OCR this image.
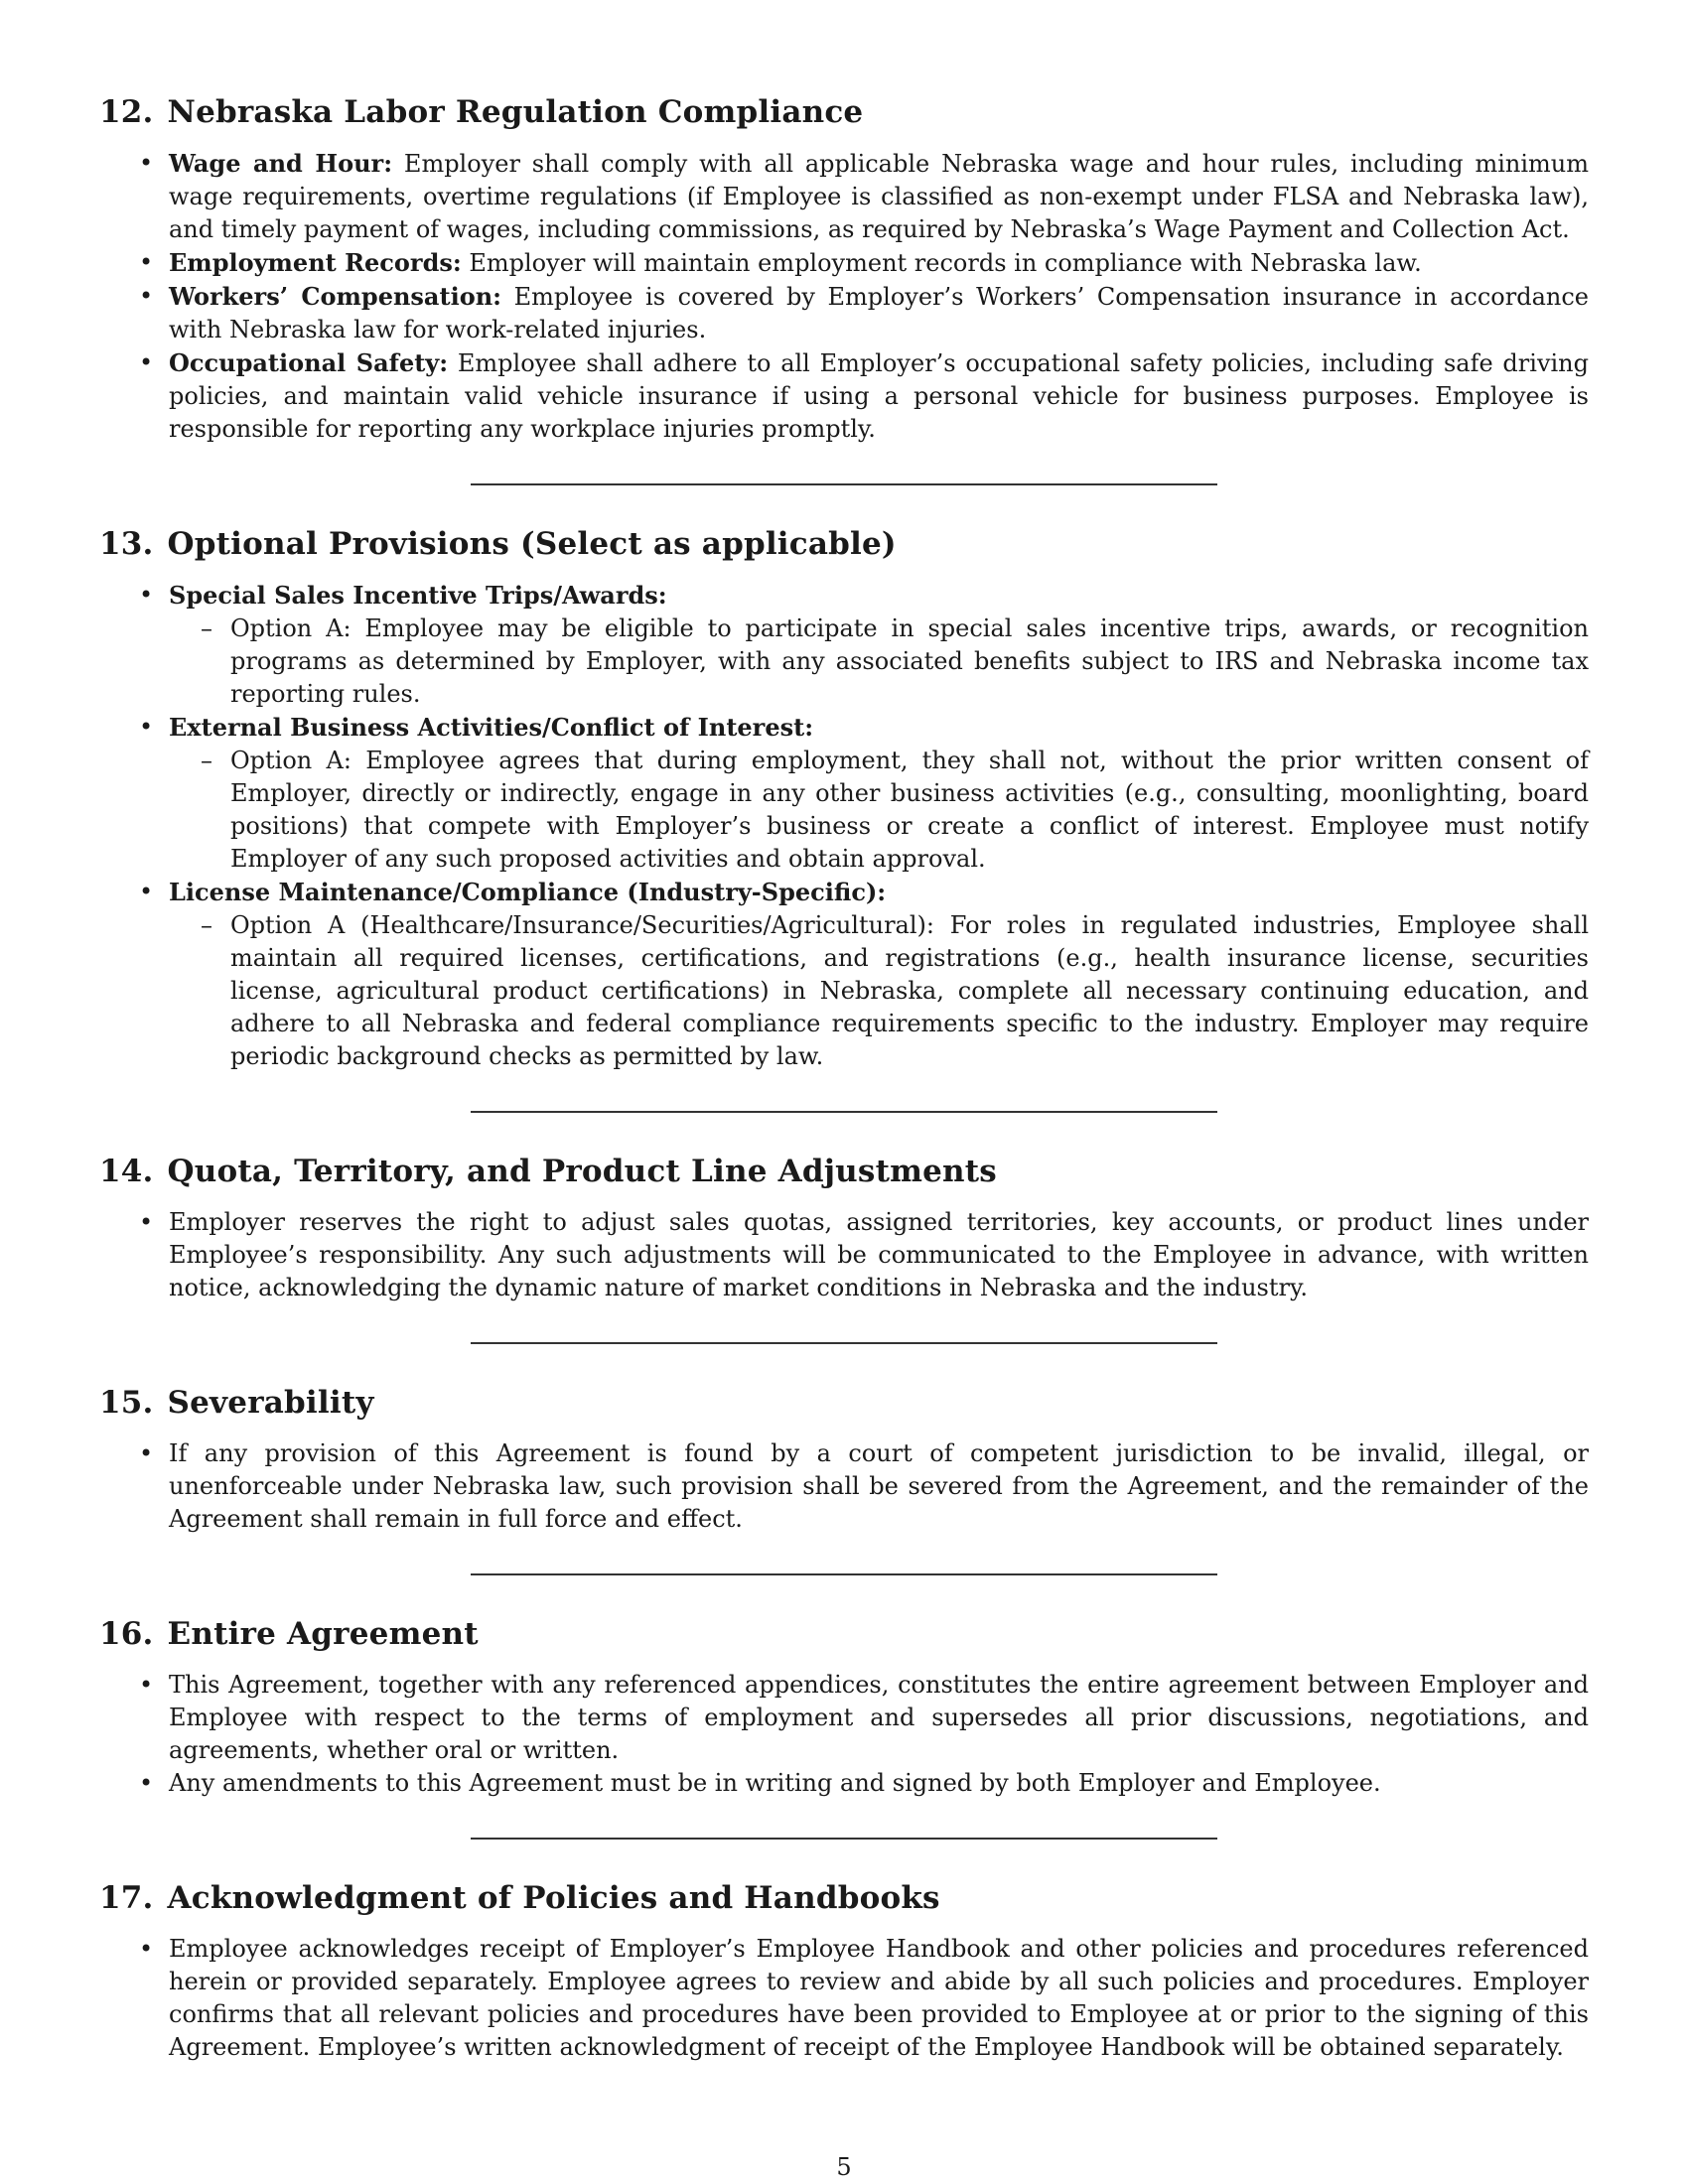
12. Nebraska Labor Regulation Compliance
• Wage and Hour: Employer shall comply with all applicable Nebraska wage and hour rules, including minimum wage requirements, overtime regulations (if Employee is classified as non-exempt under FLSA and Nebraska law), and timely payment of wages, including commissions, as required by Nebraska’s Wage Payment and Collection Act.
• Employment Records: Employer will maintain employment records in compliance with Nebraska law.
• Workers’ Compensation: Employee is covered by Employer’s Workers’ Compensation insurance in accordance with Nebraska law for work-related injuries.
• Occupational Safety: Employee shall adhere to all Employer’s occupational safety policies, including safe driving policies, and maintain valid vehicle insurance if using a personal vehicle for business purposes. Employee is responsible for reporting any workplace injuries promptly.
13. Optional Provisions (Select as applicable)
• Special Sales Incentive Trips/Awards:
– Option A: Employee may be eligible to participate in special sales incentive trips, awards, or recognition programs as determined by Employer, with any associated benefits subject to IRS and Nebraska income tax reporting rules.
• External Business Activities/Conflict of Interest:
– Option A: Employee agrees that during employment, they shall not, without the prior written consent of Employer, directly or indirectly, engage in any other business activities (e.g., consulting, moonlighting, board positions) that compete with Employer’s business or create a conflict of interest. Employee must notify Employer of any such proposed activities and obtain approval.
• License Maintenance/Compliance (Industry-Specific):
– Option A (Healthcare/Insurance/Securities/Agricultural): For roles in regulated industries, Employee shall maintain all required licenses, certifications, and registrations (e.g., health insurance license, securities license, agricultural product certifications) in Nebraska, complete all necessary continuing education, and adhere to all Nebraska and federal compliance requirements specific to the industry. Employer may require periodic background checks as permitted by law.
14. Quota, Territory, and Product Line Adjustments
• Employer reserves the right to adjust sales quotas, assigned territories, key accounts, or product lines under Employee’s responsibility. Any such adjustments will be communicated to the Employee in advance, with written notice, acknowledging the dynamic nature of market conditions in Nebraska and the industry.
15. Severability
• If any provision of this Agreement is found by a court of competent jurisdiction to be invalid, illegal, or unenforceable under Nebraska law, such provision shall be severed from the Agreement, and the remainder of the Agreement shall remain in full force and effect.
16. Entire Agreement
• This Agreement, together with any referenced appendices, constitutes the entire agreement between Employer and Employee with respect to the terms of employment and supersedes all prior discussions, negotiations, and agreements, whether oral or written.
• Any amendments to this Agreement must be in writing and signed by both Employer and Employee.
17. Acknowledgment of Policies and Handbooks
• Employee acknowledges receipt of Employer’s Employee Handbook and other policies and procedures referenced herein or provided separately. Employee agrees to review and abide by all such policies and procedures. Employer confirms that all relevant policies and procedures have been provided to Employee at or prior to the signing of this Agreement. Employee’s written acknowledgment of receipt of the Employee Handbook will be obtained separately.
5
